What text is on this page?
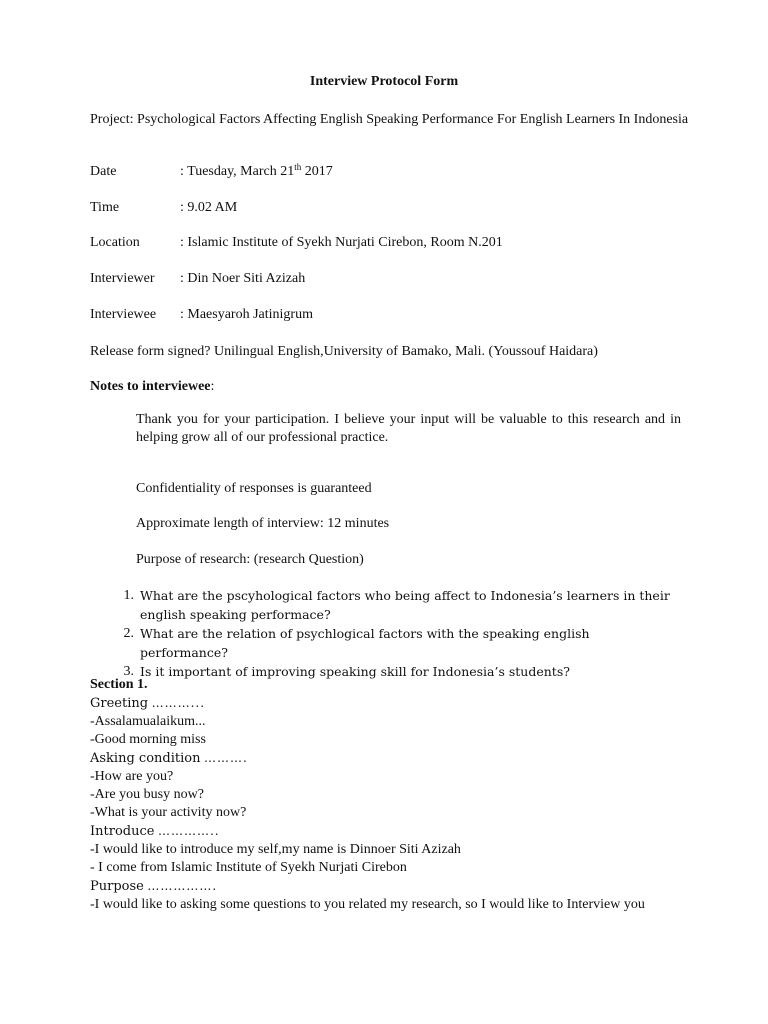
Interview Protocol Form
Project: Psychological Factors Affecting English Speaking Performance For English Learners In Indonesia
Date	: Tuesday, March 21th 2017
Time	: 9.02 AM
Location	: Islamic Institute of Syekh Nurjati Cirebon, Room N.201
Interviewer : Din Noer Siti Azizah
Interviewee : Maesyaroh Jatinigrum
Release form signed? Unilingual English,University of Bamako, Mali. (Youssouf Haidara)
Notes to interviewee:
Thank you for your participation. I believe your input will be valuable to this research and in helping grow all of our professional practice.
Confidentiality of responses is guaranteed
Approximate length of interview: 12 minutes
Purpose of research: (research Question)
1. What are the pscyhological factors who being affect to Indonesia’s learners in their english speaking performace?
2. What are the relation of psychlogical factors with the speaking english performance?
3. Is it important of improving speaking skill for Indonesia’s students?
Section 1.
Greeting ………...
-Assalamualaikum...
-Good morning miss
Asking condition ……….
-How are you?
-Are you busy now?
-What is your activity now?
Introduce …………..
-I would like to introduce my self,my name is Dinnoer Siti Azizah
- I come from Islamic Institute of Syekh Nurjati Cirebon
Purpose …………….
-I would like to asking some questions to you related my research, so I would like to Interview you
